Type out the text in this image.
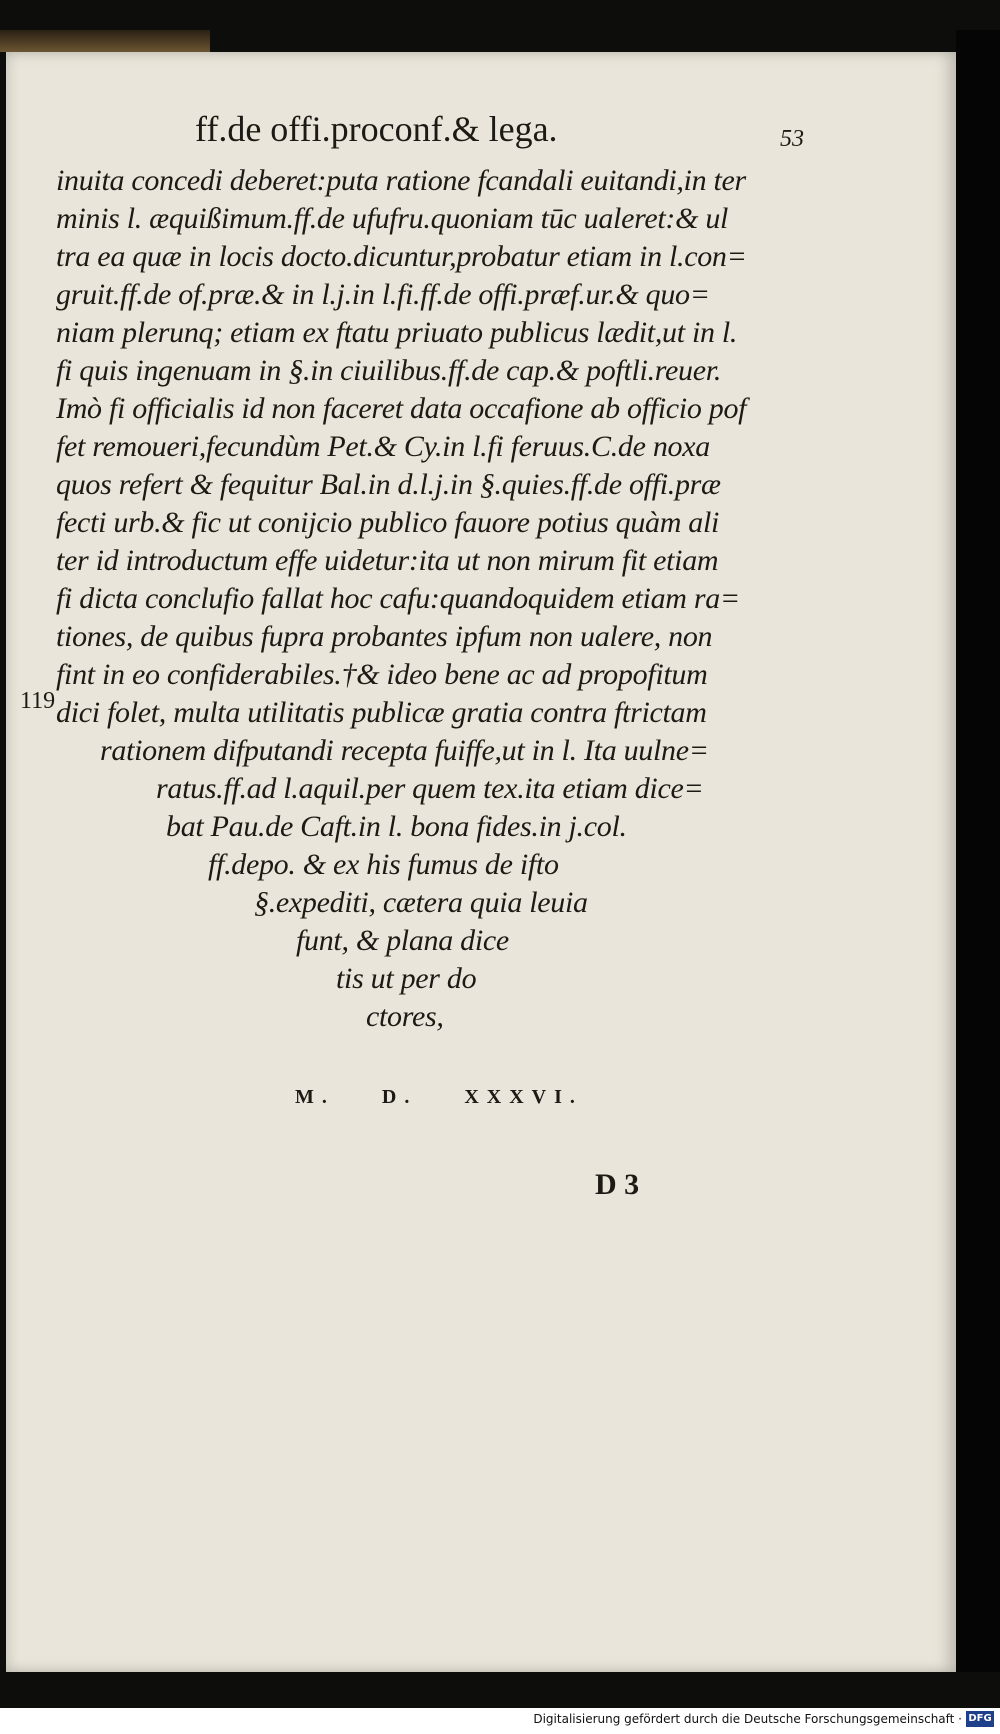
ff.de offi.proconf.& lega.	53
119
inuita concedi deberet:puta ratione fcandali euitandi,in ter
minis l. æquißimum.ff.de ufufru.quoniam tūc ualeret:& ul
tra ea quæ in locis docto.dicuntur,probatur etiam in l.con=
gruit.ff.de of.præ.& in l.j.in l.fi.ff.de offi.præf.ur.& quo=
niam plerunq; etiam ex ftatu priuato publicus lædit,ut in l.
fi quis ingenuam in §.in ciuilibus.ff.de cap.& poftli.reuer.
Imò fi officialis id non faceret data occafione ab officio pof
fet remoueri,fecundùm Pet.& Cy.in l.fi feruus.C.de noxa
quos refert & fequitur Bal.in d.l.j.in §.quies.ff.de offi.præ
fecti urb.& fic ut conijcio publico fauore potius quàm ali
ter id introductum effe uidetur:ita ut non mirum fit etiam
fi dicta conclufio fallat hoc cafu:quandoquidem etiam ra=
tiones, de quibus fupra probantes ipfum non ualere, non
fint in eo confiderabiles.†& ideo bene ac ad propofitum
dici folet, multa utilitatis publicæ gratia contra ftrictam
rationem difputandi recepta fuiffe,ut in l. Ita uulne=
ratus.ff.ad l.aquil.per quem tex.ita etiam dice=
bat Pau.de Caft.in l. bona fides.in j.col.
ff.depo. & ex his fumus de ifto
§.expediti, cætera quia leuia
funt, & plana dice
tis ut per do
ctores,
M. D. XXXVI.
D 3
Digitalisierung gefördert durch die Deutsche Forschungsgemeinschaft · DFG
